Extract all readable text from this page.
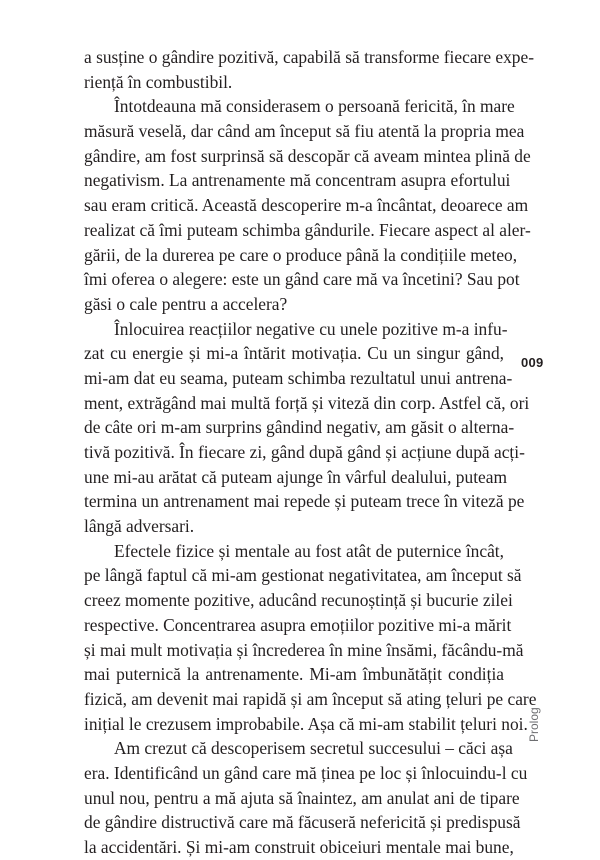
a susține o gândire pozitivă, capabilă să transforme fiecare expe-
riență în combustibil.
Întotdeauna mă considerasem o persoană fericită, în mare
măsură veselă, dar când am început să fiu atentă la propria mea
gândire, am fost surprinsă să descopăr că aveam mintea plină de
negativism. La antrenamente mă concentram asupra efortului
sau eram critică. Această descoperire m-a încântat, deoarece am
realizat că îmi puteam schimba gândurile. Fiecare aspect al aler-
gării, de la durerea pe care o produce până la condițiile meteo,
îmi oferea o alegere: este un gând care mă va încetini? Sau pot
găsi o cale pentru a accelera?
Înlocuirea reacțiilor negative cu unele pozitive m-a infu-
zat cu energie și mi-a întărit motivația. Cu un singur gând,
mi-am dat eu seama, puteam schimba rezultatul unui antrena-
ment, extrăgând mai multă forță și viteză din corp. Astfel că, ori
de câte ori m-am surprins gândind negativ, am găsit o alterna-
tivă pozitivă. În fiecare zi, gând după gând și acțiune după acți-
une mi-au arătat că puteam ajunge în vârful dealului, puteam
termina un antrenament mai repede și puteam trece în viteză pe
lângă adversari.
Efectele fizice și mentale au fost atât de puternice încât,
pe lângă faptul că mi-am gestionat negativitatea, am început să
creez momente pozitive, aducând recunoștință și bucurie zilei
respective. Concentrarea asupra emoțiilor pozitive mi-a mărit
și mai mult motivația și încrederea în mine însămi, făcându-mă
mai puternică la antrenamente. Mi-am îmbunătățit condiția
fizică, am devenit mai rapidă și am început să ating țeluri pe care
inițial le crezusem improbabile. Așa că mi-am stabilit țeluri noi.
Am crezut că descoperisem secretul succesului – căci așa
era. Identificând un gând care mă ținea pe loc și înlocuindu-l cu
unul nou, pentru a mă ajuta să înaintez, am anulat ani de tipare
de gândire distructivă care mă făcuseră nefericită și predispusă
la accidentări. Și mi-am construit obiceiuri mentale mai bune,
009
Prolog
